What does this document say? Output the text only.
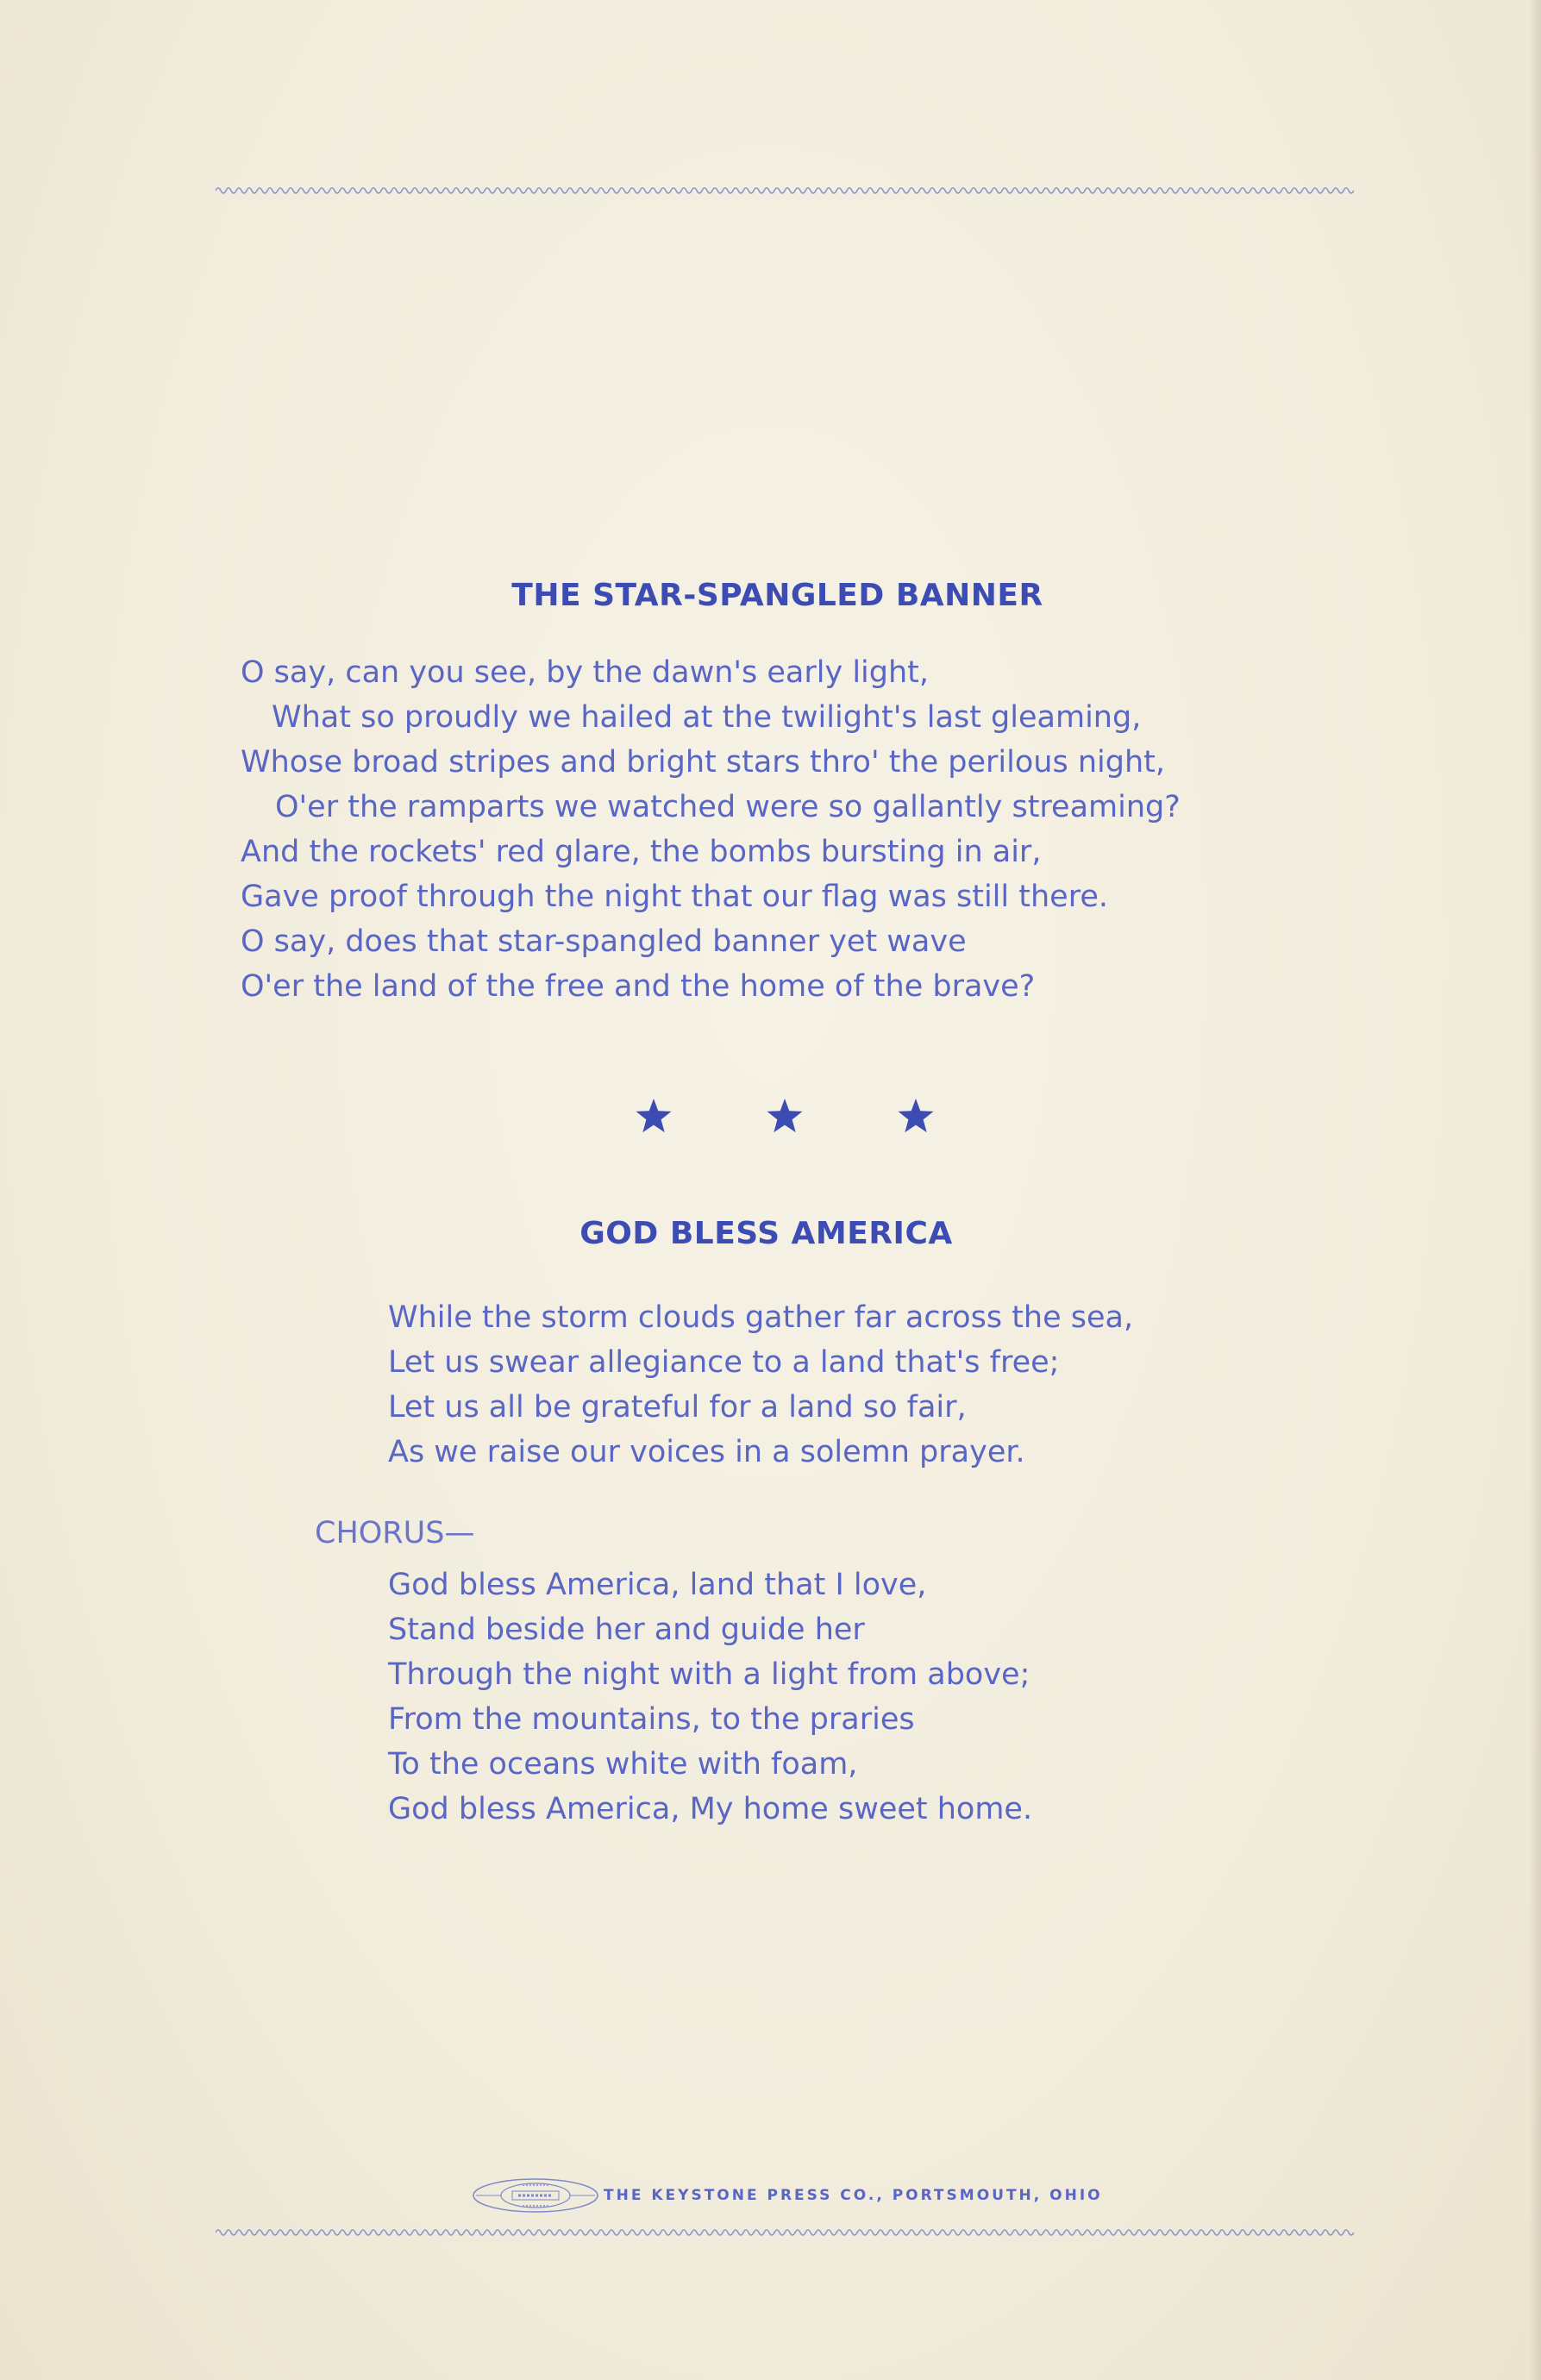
THE STAR-SPANGLED BANNER
O say, can you see, by the dawn's early light,
What so proudly we hailed at the twilight's last gleaming,
Whose broad stripes and bright stars thro' the perilous night,
O'er the ramparts we watched were so gallantly streaming?
And the rockets' red glare, the bombs bursting in air,
Gave proof through the night that our flag was still there.
O say, does that star-spangled banner yet wave
O'er the land of the free and the home of the brave?
GOD BLESS AMERICA
While the storm clouds gather far across the sea,
Let us swear allegiance to a land that's free;
Let us all be grateful for a land so fair,
As we raise our voices in a solemn prayer.
CHORUS—
God bless America, land that I love,
Stand beside her and guide her
Through the night with a light from above;
From the mountains, to the praries
To the oceans white with foam,
God bless America, My home sweet home.
THE KEYSTONE PRESS CO., PORTSMOUTH, OHIO
